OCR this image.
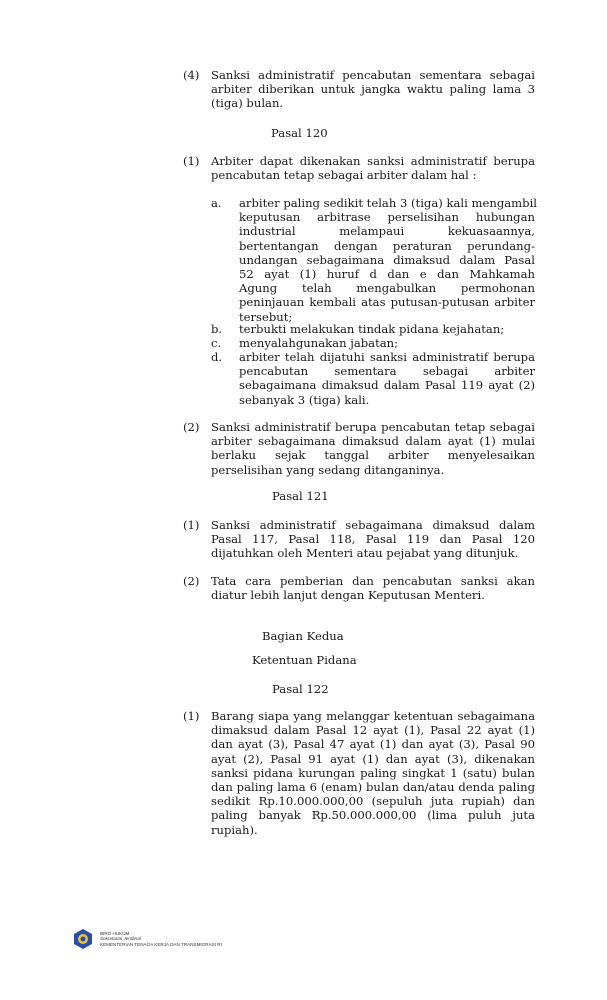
Pasal 120
Pasal 121
Bagian Kedua
Ketentuan Pidana
Pasal 122
(4) Sanksi administratif pencabutan sementara sebagai
arbiter diberikan untuk jangka waktu paling lama 3
(tiga) bulan.
(1) Arbiter dapat dikenakan sanksi administratif berupa
pencabutan tetap sebagai arbiter dalam hal :
a. arbiter paling sedikit telah 3 (tiga) kali mengambil
keputusan arbitrase perselisihan hubungan
industrial melampaui kekuasaannya,
bertentangan dengan peraturan perundang-
undangan sebagaimana dimaksud dalam Pasal
52 ayat (1) huruf d dan e dan Mahkamah
Agung telah mengabulkan permohonan
peninjauan kembali atas putusan-putusan arbiter
tersebut;
b. terbukti melakukan tindak pidana kejahatan;
c. menyalahgunakan jabatan;
d. arbiter telah dijatuhi sanksi administratif berupa
pencabutan sementara sebagai arbiter
sebagaimana dimaksud dalam Pasal 119 ayat (2)
sebanyak 3 (tiga) kali.
(2) Sanksi administratif berupa pencabutan tetap sebagai
arbiter sebagaimana dimaksud dalam ayat (1) mulai
berlaku sejak tanggal arbiter menyelesaikan
perselisihan yang sedang ditanganinya.
(1) Sanksi administratif sebagaimana dimaksud dalam
Pasal 117, Pasal 118, Pasal 119 dan Pasal 120
dijatuhkan oleh Menteri atau pejabat yang ditunjuk.
(2) Tata cara pemberian dan pencabutan sanksi akan
diatur lebih lanjut dengan Keputusan Menteri.
(1) Barang siapa yang melanggar ketentuan sebagaimana
dimaksud dalam Pasal 12 ayat (1), Pasal 22 ayat (1)
dan ayat (3), Pasal 47 ayat (1) dan ayat (3), Pasal 90
ayat (2), Pasal 91 ayat (1) dan ayat (3), dikenakan
sanksi pidana kurungan paling singkat 1 (satu) bulan
dan paling lama 6 (enam) bulan dan/atau denda paling
sedikit Rp.10.000.000,00 (sepuluh juta rupiah) dan
paling banyak Rp.50.000.000,00 (lima puluh juta
rupiah).
BIRO HUKUM
Sekretariat Jenderal
KEMENTERIAN TENAGA KERJA DAN TRANSMIGRASI RI
